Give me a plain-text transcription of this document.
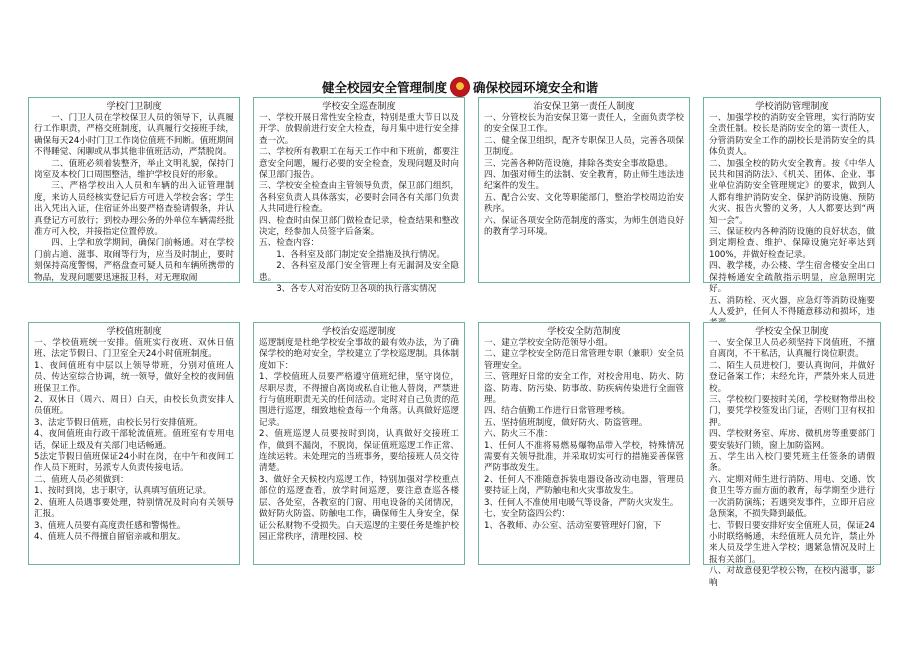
健全校园安全管理制度 确保校园环境安全和谐
学校门卫制度

一、门卫人员在学校保卫人员的领导下，认真履行工作职责，严格交班制度，认真履行交接班手续，确保每天24小时门卫工作岗位值班不间断。值班期间不得睡觉、闲聊或从事其他非值班活动，严禁脱岗。

二、值班必须着装整齐，举止文明礼貌，保持门岗室及本校门口周围整洁，维护学校良好的形象。

三、严格学校出入人员和车辆的出入证管理制度，来访人员经核实登记后方可进入学校会客；学生出入凭出入证，住宿证外出要严格查验请假条，并认真登记方可放行；到校办理公务的外单位车辆需经批准方可入校，并接指定位置停放。

四、上学和放学期间，确保门前畅通。对在学校门前占道、滋事、取闹等行为，应当及时制止，要时刻保持高度警惕，严格盘查可疑人员和车辆所携带的物品，发现问题要迅速报卫科，对无理取闹

学校安全巡查制度

一、学校开展日常性安全检查，特别是重大节日以及开学、放假前进行安全大检查，每月集中进行安全排查一次。

二、学校所有教职工在每天工作中和下班前，都要注意安全问题，履行必要的安全检查，发现问题及时向保卫部门报告。

三、学校安全检查由主管领导负责，保卫部门组织，各科室负责人具体落实，必要时会同各有关部门负责人共同进行检查。

四、检查时由保卫部门做检查记录，检查结果和整改决定，经参加人员签字后备案。

五、检查内容：

1、各科室及部门制定安全措施及执行情况。

2、各科室及部门安全管理上有无漏洞及安全隐患。

3、各专人对治安防卫各项的执行落实情况

治安保卫第一责任人制度

一、分管校长为治安保卫第一责任人，全面负责学校的安全保卫工作。

二、健全保卫组织，配齐专职保卫人员，完善各项保卫制度。

三、完善各种防范设施，排除各类安全事故隐患。

四、加强对师生的法制、安全教育，防止师生违法违纪案件的发生。

五、配合公安、文化等职能部门，整治学校周边治安秩序。

六、保证各项安全防范制度的落实，为师生创造良好的教育学习环境。

学校消防管理制度

一、加强学校的消防安全管理，实行消防安全责任制。校长是消防安全的第一责任人，分管消防安全工作的副校长是消防安全的具体负责人。

二、加强全校的防火安全教育。按《中华人民共和国消防法》、《机关、团体、企业、事业单位消防安全管理规定》的要求，做到人人都有维护消防安全、保护消防设施、预防火灾、报告火警的义务，人人都要达到“两知一会”。

三、保证校内各种消防设施的良好状态，做到定期检查、维护、保障设施完好率达到100%，并做好检查记录。

四、教学楼，办公楼、学生宿舍楼安全出口保持畅通安全疏散指示明显，应急照明完好。

五、消防栓、灭火器，应急灯等消防设施要人人爱护，任何人不得随意移动和损坏，违

学校值班制度

一、学校值班统一安排。值班实行夜班、双休日值班、法定节假日、门卫室全天24小时值班制度。

1、夜间值班有中层以上领导带班，分别对值班人员、传达室综合协调，统一领导，做好全校的夜间值班保卫工作。

2、双休日（周六、周日）白天，由校长负责安排人员值班。

3、法定节假日值班，由校长另行安排值班。

4、夜间值班由行政干部轮流值班。值班室有专用电话，保证上级及有关部门电话畅通。

5法定节假日值班保证24小时在岗，在中午和夜间工作人员下班时，另派专人负责传接电话。

二、值班人员必须做到：

1、按时到岗，忠于职守，认真填写值班记录。

2、值班人员遇事要处理，特别情况及时向有关领导汇报。

3、值班人员要有高度责任感和警惕性。

4、值班人员不得擅自留宿亲戚和朋友。

学校治安巡逻制度

巡逻制度是杜绝学校安全事故的最有效办法，为了确保学校的绝对安全，学校建立了学校巡逻制。具体制度如下：

1、学校值班人员要严格遵守值班纪律，坚守岗位，尽职尽责，不得擅自离岗或私自让他人替岗，严禁进行与值班职责无关的任何活动。定时对自己负责的范围进行巡逻，细致地检查每一个角落。认真做好巡逻记录。

2、值班巡逻人员要按时到岗，认真做好交接班工作，做到不漏岗，不脱岗，保证值班巡逻工作正常、连续运转。未处理完的当班事务，要给接班人员交待清楚。

3、做好全天候校内巡逻工作，特别加强对学校重点部位的巡逻查看，放学时间巡逻，要注意查巡各楼层、各处室，各教室的门窗、用电设备的关闭情况，做好防火防盗、防触电工作，确保师生人身安全，保证公私财物不受损失。白天巡逻的主要任务是维护校园正常秩序，清理校园、校

学校安全防范制度

一、建立学校安全防范领导小组。

二、建立学校安全防范日常管理专职（兼职）安全员管理安全。

三、管理好日常的安全工作，对校舍用电、防火、防盗、防毒、防污染、防事故、防疾病传染进行全面管理。

四、结合值勤工作进行日常管理考核。

五、坚持值班制度，做好防火、防盗管理。

六、防火三不准：

1、任何人不准将易燃易爆物品带入学校，特殊情况需要有关领导批准，并采取切实可行的措施妥善保管严防事故发生。

2、任何人不准随意拆装电器设备改动电器，管理员要持证上岗，严防触电和火灾事故发生。

3、任何人不准使用电暖气等设备，严防火灾发生。

七、安全防盗四公约：

1、各教师、办公室、活动室要管理好门窗，下

学校安全保卫制度

一、安全保卫人员必须坚持下岗值班，不擅自离岗，不干私活，认真履行岗位职责。

二、陌生人员进校门，要认真询问，并做好登记备案工作；未经允许，严禁外来人员进校。

三、学校校门要按时关闭，学校财物带出校门，要凭学校签发出门证，否则门卫有权扣押。

四、学校财务室、库房、微机房等重要部门要安装好门锁，窗上加防盗网。

五、学生出入校门要凭班主任签条的请假条。

六、定期对师生进行消防、用电、交通、饮食卫生等方面方面的教育，每学期至少进行一次消防演练；若遇突发事件，立即开启应急预案，不损失降到最低。

七、节假日要安排好安全值班人员，保证24小时联络畅通，未经值班人员允许，禁止外来人员及学生进入学校；遇紧急情况及时上报有关部门。

八、对故意侵犯学校公物，在校内滋事，影响
